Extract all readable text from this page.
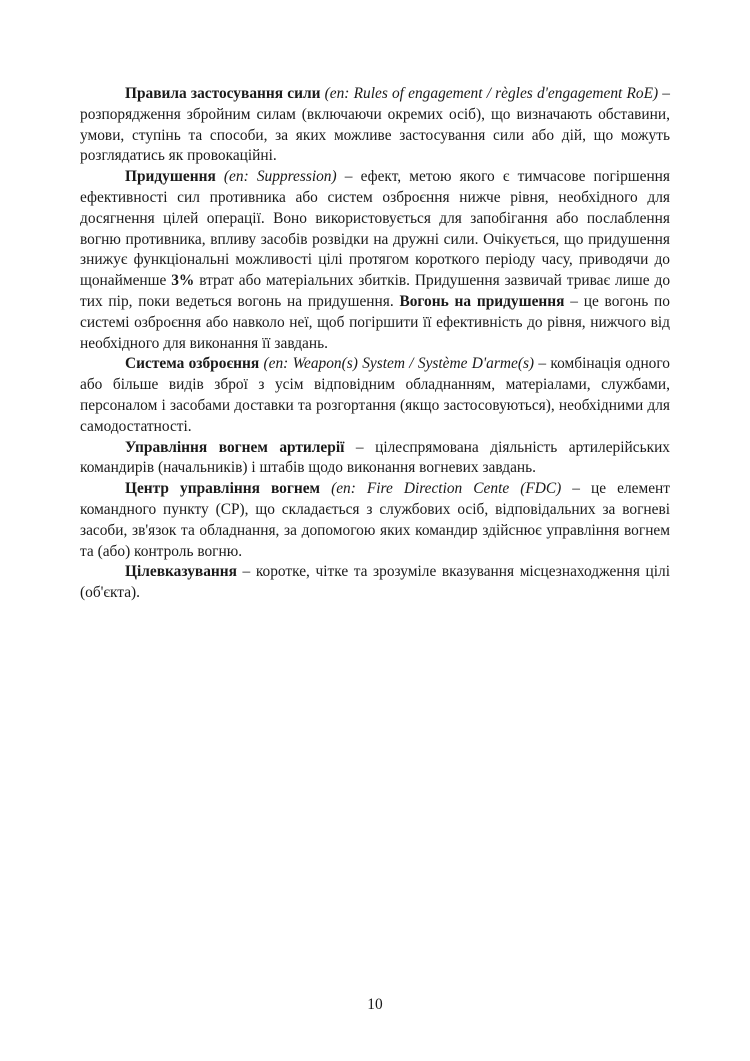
Правила застосування сили (en: Rules of engagement / règles d'engagement RoE) – розпорядження збройним силам (включаючи окремих осіб), що визначають обставини, умови, ступінь та способи, за яких можливе застосування сили або дій, що можуть розглядатись як провокаційні.

Придушення (en: Suppression) – ефект, метою якого є тимчасове погіршення ефективності сил противника або систем озброєння нижче рівня, необхідного для досягнення цілей операції. Воно використовується для запобігання або послаблення вогню противника, впливу засобів розвідки на дружні сили. Очікується, що придушення знижує функціональні можливості цілі протягом короткого періоду часу, приводячи до щонайменше 3% втрат або матеріальних збитків. Придушення зазвичай триває лише до тих пір, поки ведеться вогонь на придушення. Вогонь на придушення – це вогонь по системі озброєння або навколо неї, щоб погіршити її ефективність до рівня, нижчого від необхідного для виконання її завдань.

Система озброєння (en: Weapon(s) System / Système D'arme(s) – комбінація одного або більше видів зброї з усім відповідним обладнанням, матеріалами, службами, персоналом і засобами доставки та розгортання (якщо застосовуються), необхідними для самодостатності.

Управління вогнем артилерії – цілеспрямована діяльність артилерійських командирів (начальників) і штабів щодо виконання вогневих завдань.

Центр управління вогнем (en: Fire Direction Cente (FDC) – це елемент командного пункту (CP), що складається з службових осіб, відповідальних за вогневі засоби, зв'язок та обладнання, за допомогою яких командир здійснює управління вогнем та (або) контроль вогню.

Цілевказування – коротке, чітке та зрозуміле вказування місцезнаходження цілі (об'єкта).

10
